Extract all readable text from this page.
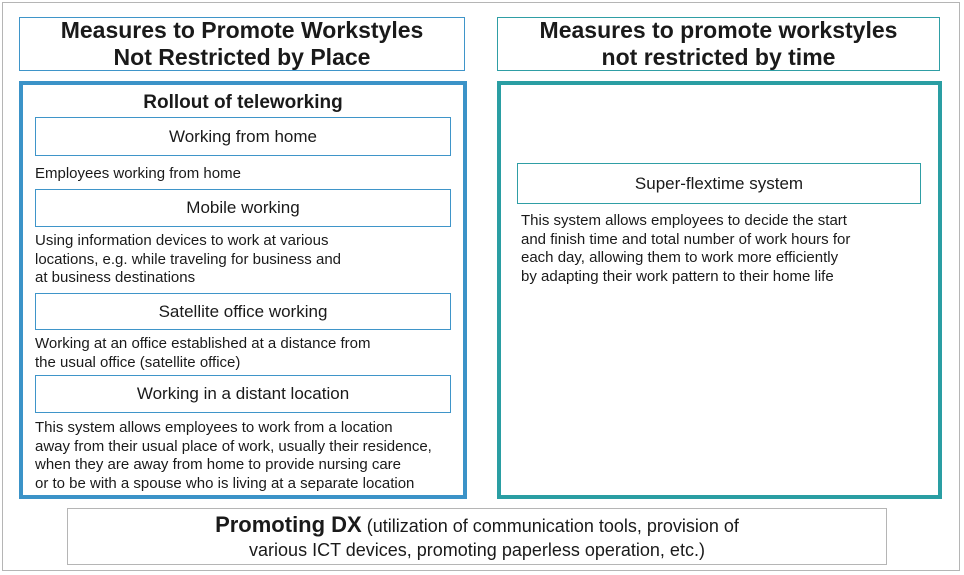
Measures to Promote Workstyles
Not Restricted by Place
Measures to promote workstyles
not restricted by time
Rollout of teleworking
Working from home
Employees working from home
Mobile working
Using information devices to work at various
locations, e.g. while traveling for business and
at business destinations
Satellite office working
Working at an office established at a distance from
the usual office (satellite office)
Working in a distant location
This system allows employees to work from a location
away from their usual place of work, usually their residence,
when they are away from home to provide nursing care
or to be with a spouse who is living at a separate location
Super-flextime system
This system allows employees to decide the start
and finish time and total number of work hours for
each day, allowing them to work more efficiently
by adapting their work pattern to their home life
Promoting DX (utilization of communication tools, provision of
various ICT devices, promoting paperless operation, etc.)
